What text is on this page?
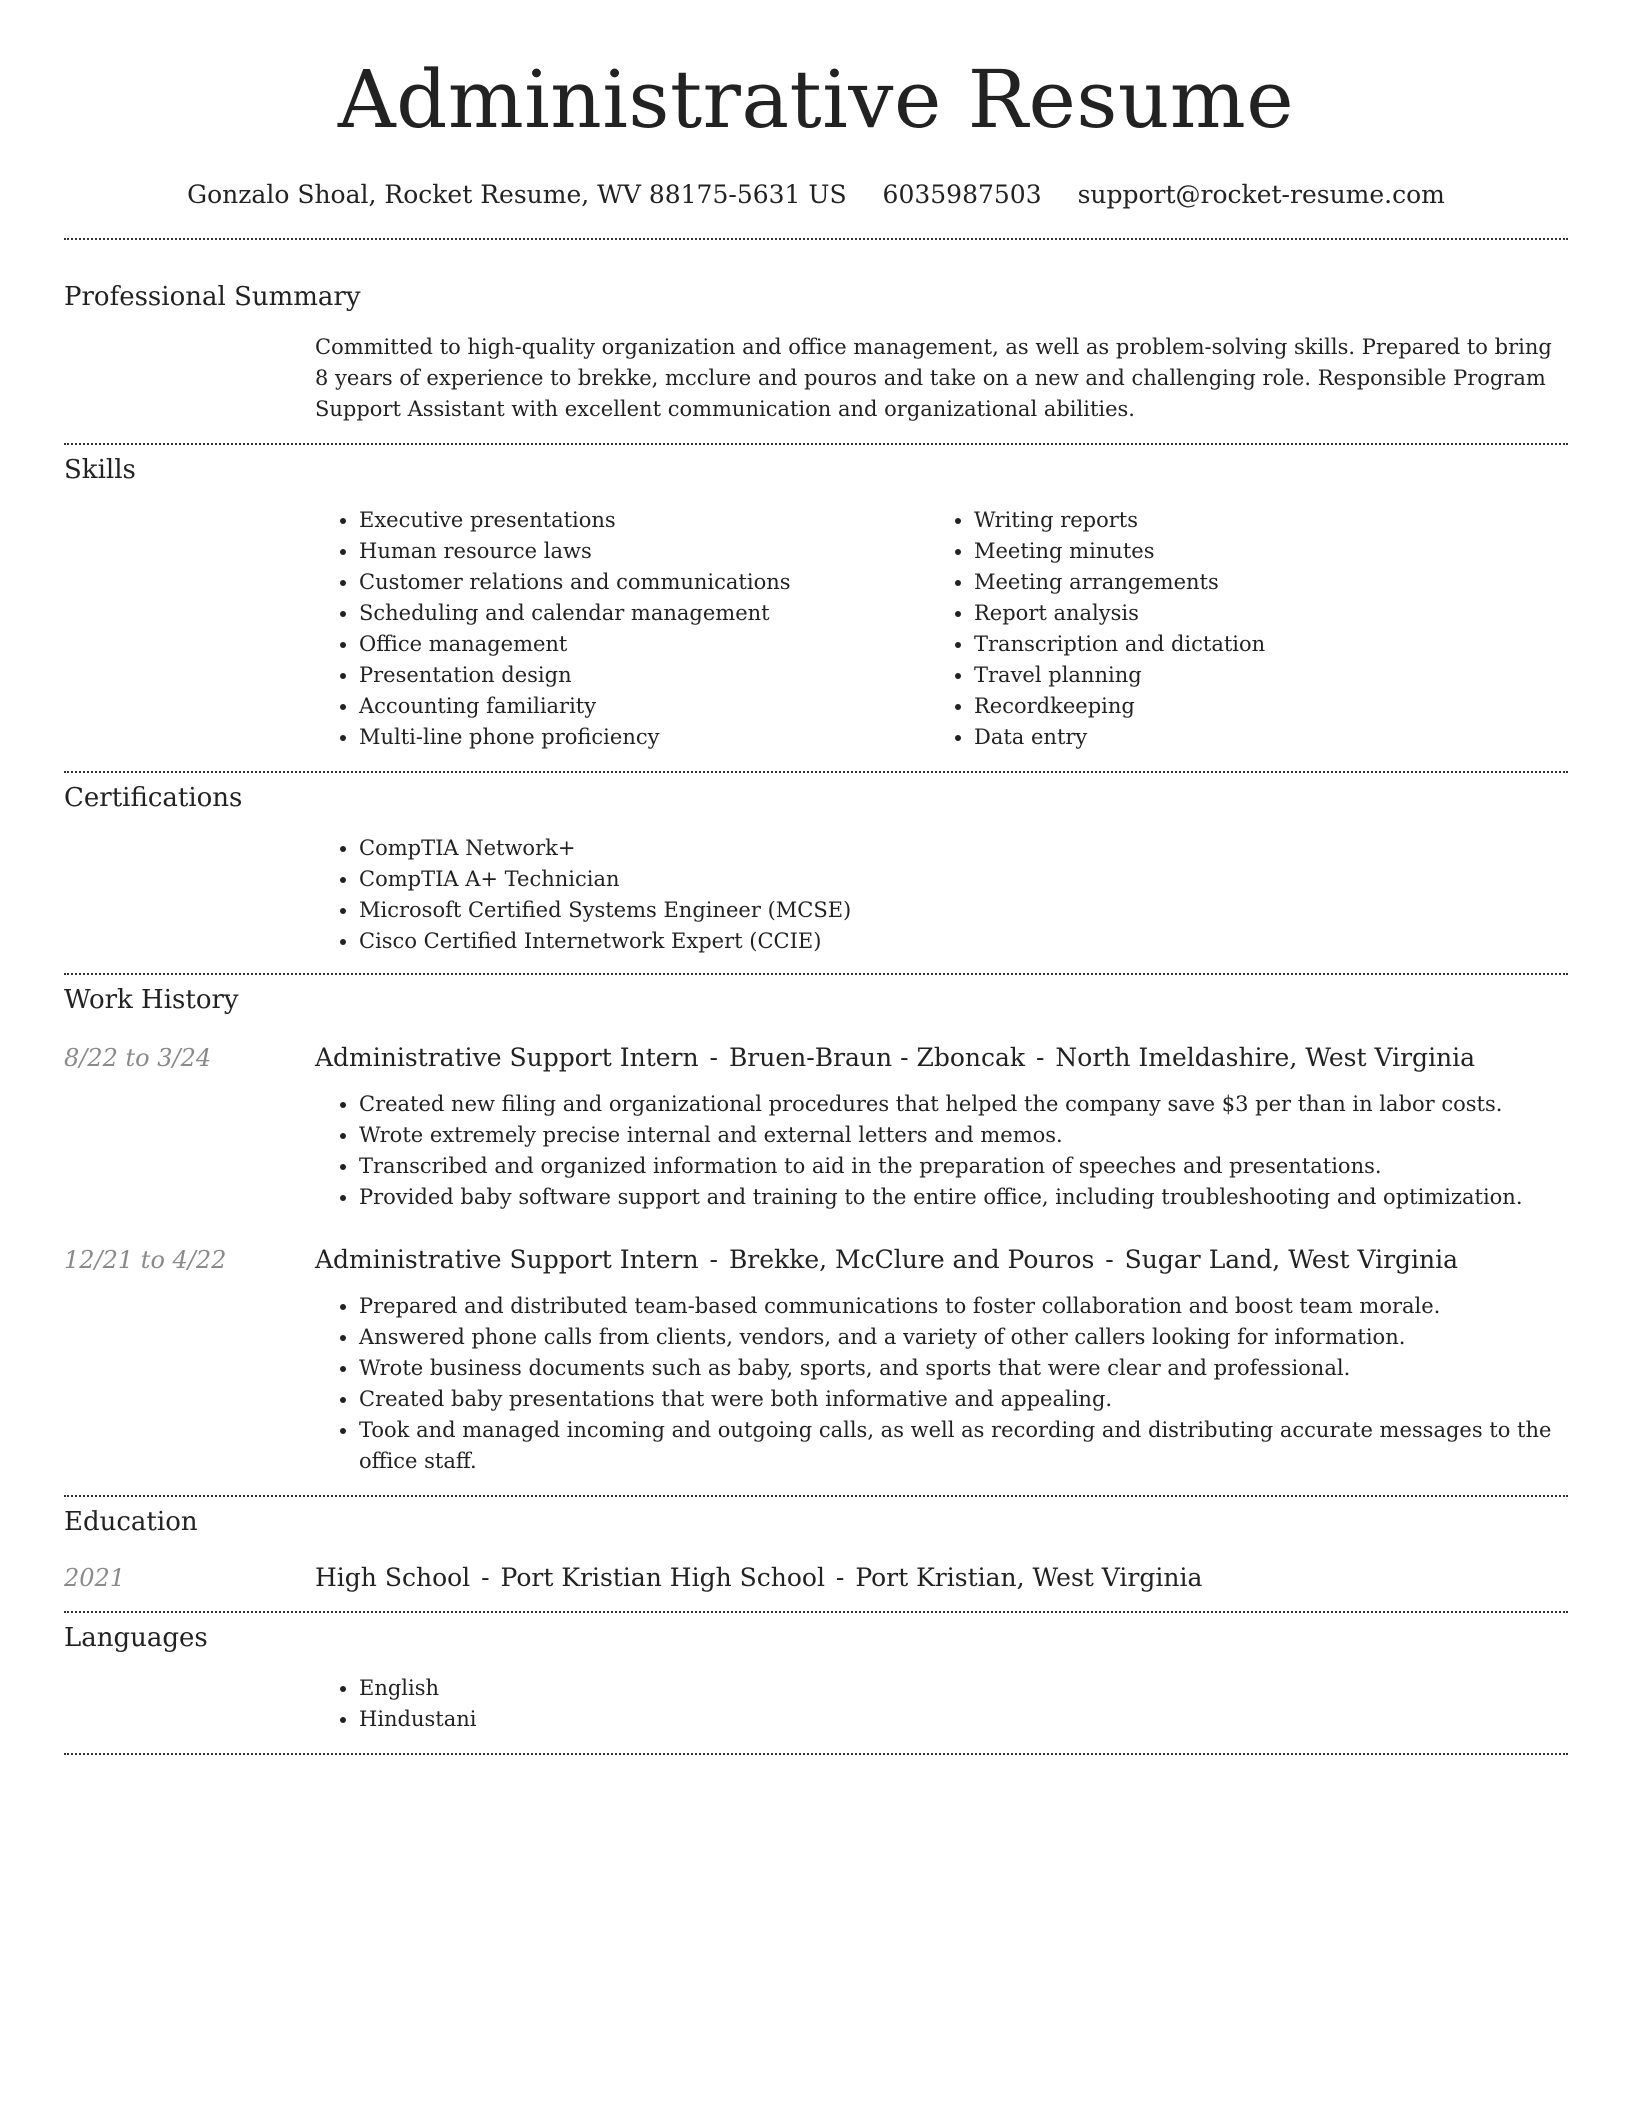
Administrative Resume
Gonzalo Shoal, Rocket Resume, WV 88175-5631 US 6035987503 support@rocket-resume.com
Professional Summary

Committed to high-quality organization and office management, as well as problem-solving skills. Prepared to bring 8 years of experience to brekke, mcclure and pouros and take on a new and challenging role. Responsible Program Support Assistant with excellent communication and organizational abilities.

Skills
• Executive presentations
• Human resource laws
• Customer relations and communications
• Scheduling and calendar management
• Office management
• Presentation design
• Accounting familiarity
• Multi-line phone proficiency
• Writing reports
• Meeting minutes
• Meeting arrangements
• Report analysis
• Transcription and dictation
• Travel planning
• Recordkeeping
• Data entry
Certifications
• CompTIA Network+
• CompTIA A+ Technician
• Microsoft Certified Systems Engineer (MCSE)
• Cisco Certified Internetwork Expert (CCIE)
Work History
8/22 to 3/24	Administrative Support Intern - Bruen-Braun - Zboncak - North Imeldashire, West Virginia
• Created new filing and organizational procedures that helped the company save $3 per than in labor costs.
• Wrote extremely precise internal and external letters and memos.
• Transcribed and organized information to aid in the preparation of speeches and presentations.
• Provided baby software support and training to the entire office, including troubleshooting and optimization.
12/21 to 4/22	Administrative Support Intern - Brekke, McClure and Pouros - Sugar Land, West Virginia
• Prepared and distributed team-based communications to foster collaboration and boost team morale.
• Answered phone calls from clients, vendors, and a variety of other callers looking for information.
• Wrote business documents such as baby, sports, and sports that were clear and professional.
• Created baby presentations that were both informative and appealing.
• Took and managed incoming and outgoing calls, as well as recording and distributing accurate messages to the office staff.
Education
2021	High School - Port Kristian High School - Port Kristian, West Virginia
Languages
• English
• Hindustani
